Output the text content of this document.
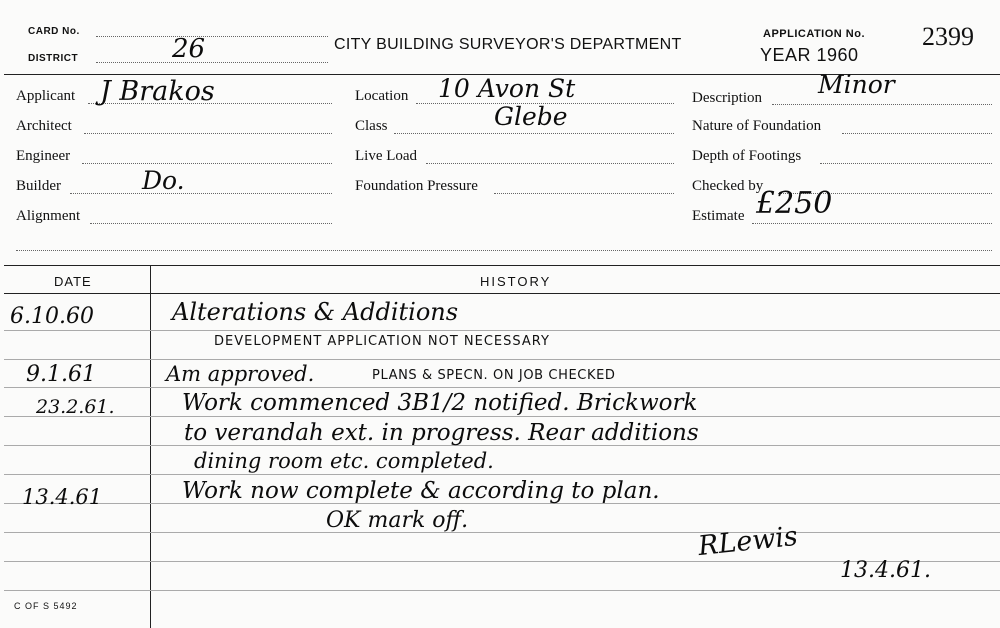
CARD No.
DISTRICT	26	CITY BUILDING SURVEYOR'S DEPARTMENT
APPLICATION No. 2399
YEAR 1960
Applicant J Brakos
Architect
Engineer
Builder	Do.
Alignment
Location 10 Avon St
Class	Glebe
Live Load
Foundation Pressure
Description Minor
Nature of Foundation
Depth of Footings
Checked by
Estimate £250
DATE	HISTORY
6.10.60	Alterations & Additions
DEVELOPMENT APPLICATION NOT NECESSARY
9.1.61	Am approved.	PLANS & SPECN. ON JOB CHECKED
23.2.61.	Work commenced 3B1/2 notified. Brickwork
to verandah ext. in progress. Rear additions
dining room etc. completed.
13.4.61	Work now complete & according to plan.
OK mark off.
RLewis
13.4.61.
C OF S 5492
